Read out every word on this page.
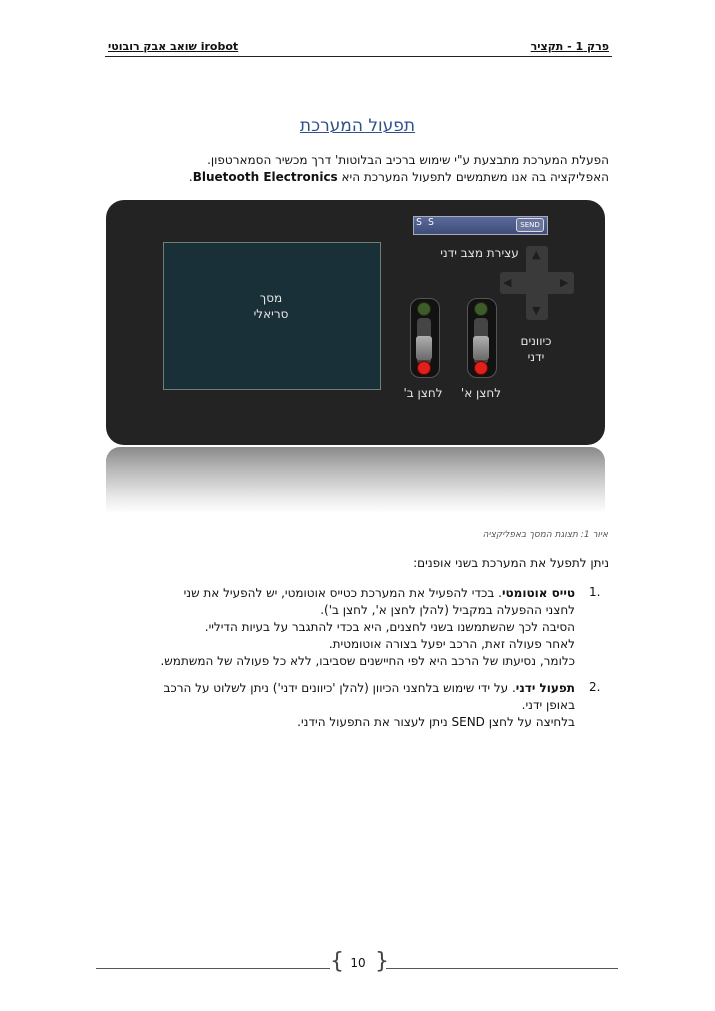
שואב אבק רובוטי irobot	פרק 1 - תקציר
תפעול המערכת
הפעלת המערכת מתבצעת ע"י שימוש ברכיב הבלוטות' דרך מכשיר הסמארטפון.
האפליקציה בה אנו משתמשים לתפעול המערכת היא Bluetooth Electronics.
מסך
סריאלי
S S	SEND
עצירת מצב ידני	▲
▼
◀	▶
כיוונים
ידני
לחצן א'
לחצן ב'
איור 1: תצוגת המסך באפליקציה
ניתן לתפעל את המערכת בשני אופנים:
1.
טייס אוטומטי. בכדי להפעיל את המערכת כטייס אוטומטי, יש להפעיל את שני
לחצני ההפעלה במקביל (להלן לחצן א', לחצן ב').
הסיבה לכך שהשתמשנו בשני לחצנים, היא בכדי להתגבר על בעיות הדיליי.
לאחר פעולה זאת, הרכב יפעל בצורה אוטומטית.
כלומר, נסיעתו של הרכב היא לפי החיישנים שסביבו, ללא כל פעולה של המשתמש.
2.
תפעול ידני. על ידי שימוש בלחצני הכיוון (להלן 'כיוונים ידני') ניתן לשלוט על הרכב
באופן ידני.
בלחיצה על לחצן SEND ניתן לעצור את התפעול הידני.
{ }
10
